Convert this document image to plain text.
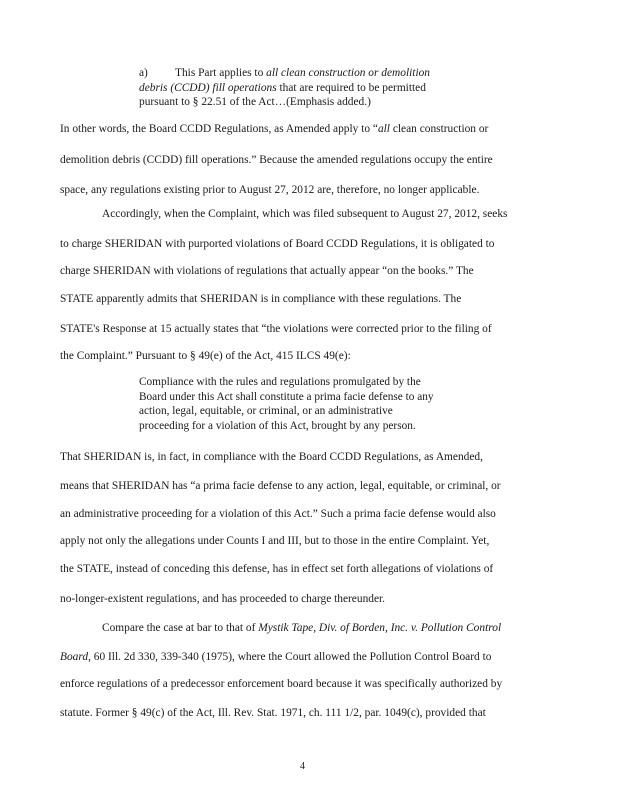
a) This Part applies to all clean construction or demolition
debris (CCDD) fill operations that are required to be permitted
pursuant to § 22.51 of the Act…(Emphasis added.)
In other words, the Board CCDD Regulations, as Amended apply to “all clean construction or
demolition debris (CCDD) fill operations.” Because the amended regulations occupy the entire
space, any regulations existing prior to August 27, 2012 are, therefore, no longer applicable.
Accordingly, when the Complaint, which was filed subsequent to August 27, 2012, seeks
to charge SHERIDAN with purported violations of Board CCDD Regulations, it is obligated to
charge SHERIDAN with violations of regulations that actually appear “on the books.” The
STATE apparently admits that SHERIDAN is in compliance with these regulations. The
STATE's Response at 15 actually states that “the violations were corrected prior to the filing of
the Complaint.” Pursuant to § 49(e) of the Act, 415 ILCS 49(e):
Compliance with the rules and regulations promulgated by the
Board under this Act shall constitute a prima facie defense to any
action, legal, equitable, or criminal, or an administrative
proceeding for a violation of this Act, brought by any person.
That SHERIDAN is, in fact, in compliance with the Board CCDD Regulations, as Amended,
means that SHERIDAN has “a prima facie defense to any action, legal, equitable, or criminal, or
an administrative proceeding for a violation of this Act.” Such a prima facie defense would also
apply not only the allegations under Counts I and III, but to those in the entire Complaint. Yet,
the STATE, instead of conceding this defense, has in effect set forth allegations of violations of
no-longer-existent regulations, and has proceeded to charge thereunder.
Compare the case at bar to that of Mystik Tape, Div. of Borden, Inc. v. Pollution Control
Board, 60 Ill. 2d 330, 339-340 (1975), where the Court allowed the Pollution Control Board to
enforce regulations of a predecessor enforcement board because it was specifically authorized by
statute. Former § 49(c) of the Act, Ill. Rev. Stat. 1971, ch. 111 1/2, par. 1049(c), provided that
4
